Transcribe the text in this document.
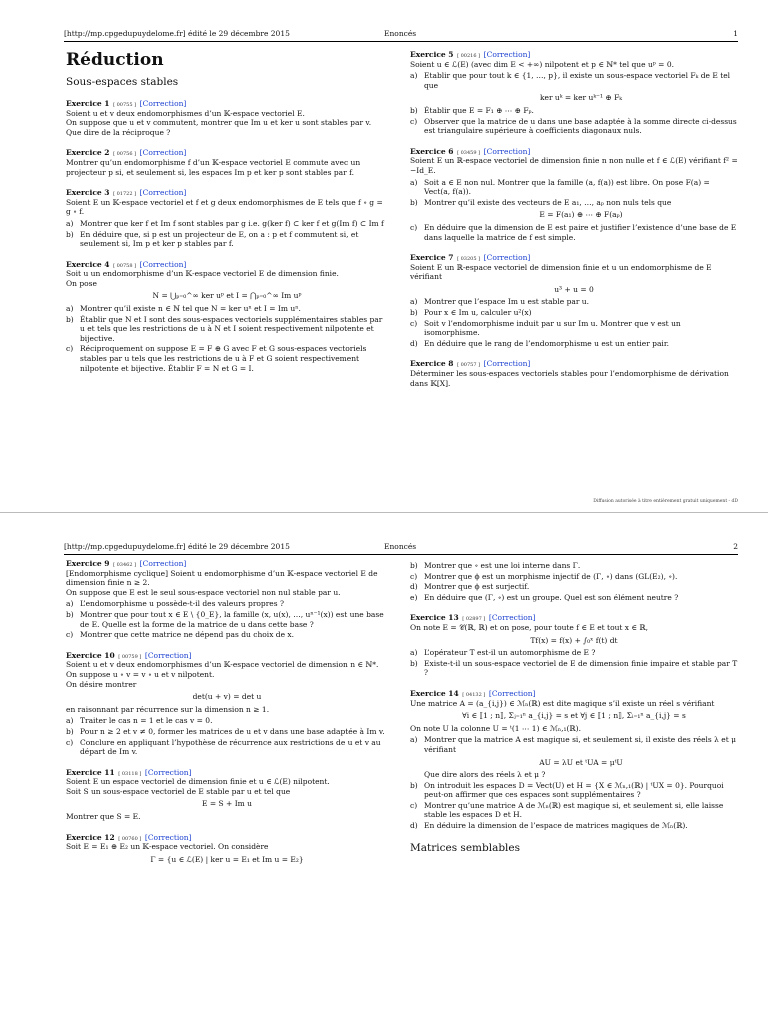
[http://mp.cpgedupuydelome.fr] édité le 29 décembre 2015	Enoncés	1
Réduction
Sous-espaces stables
Exercice 1 [ 00755 ] [Correction]

Soient u et v deux endomorphismes d’un 𝕂-espace vectoriel E.

On suppose que u et v commutent, montrer que Im u et ker u sont stables par v.

Que dire de la réciproque ?

Exercice 2 [ 00756 ] [Correction]

Montrer qu’un endomorphisme f d’un 𝕂-espace vectoriel E commute avec un projecteur p si, et seulement si, les espaces Im p et ker p sont stables par f.

Exercice 3 [ 01722 ] [Correction]

Soient E un 𝕂-espace vectoriel et f et g deux endomorphismes de E tels que f ∘ g = g ∘ f.

a) Montrer que ker f et Im f sont stables par g i.e. g(ker f) ⊂ ker f et g(Im f) ⊂ Im f
b) En déduire que, si p est un projecteur de E, on a : p et f commutent si, et seulement si, Im p et ker p stables par f.
Exercice 4 [ 00758 ] [Correction]

Soit u un endomorphisme d’un 𝕂-espace vectoriel E de dimension finie.

On pose

N = ⋃ₚ₌₀^∞ ker uᵖ et I = ⋂ₚ₌₀^∞ Im uᵖ
a) Montrer qu’il existe n ∈ ℕ tel que N = ker uⁿ et I = Im uⁿ.
b) Établir que N et I sont des sous-espaces vectoriels supplémentaires stables par u et tels que les restrictions de u à N et I soient respectivement nilpotente et bijective.
c) Réciproquement on suppose E = F ⊕ G avec F et G sous-espaces vectoriels stables par u tels que les restrictions de u à F et G soient respectivement nilpotente et bijective. Établir F = N et G = I.
Exercice 5 [ 00216 ] [Correction]

Soient u ∈ ℒ(E) (avec dim E < +∞) nilpotent et p ∈ ℕ* tel que uᵖ = 0.

a) Etablir que pour tout k ∈ {1, …, p}, il existe un sous-espace vectoriel Fₖ de E tel que
ker uᵏ = ker uᵏ⁻¹ ⊕ Fₖ
b) Établir que E = F₁ ⊕ ⋯ ⊕ Fₚ.
c) Observer que la matrice de u dans une base adaptée à la somme directe ci-dessus est triangulaire supérieure à coefficients diagonaux nuls.
Exercice 6 [ 03459 ] [Correction]

Soient E un ℝ-espace vectoriel de dimension finie n non nulle et f ∈ ℒ(E) vérifiant f² = −Id_E.

a) Soit a ∈ E non nul. Montrer que la famille (a, f(a)) est libre. On pose F(a) = Vect(a, f(a)).
b) Montrer qu’il existe des vecteurs de E a₁, …, aₚ non nuls tels que
E = F(a₁) ⊕ ⋯ ⊕ F(aₚ)
c) En déduire que la dimension de E est paire et justifier l’existence d’une base de E dans laquelle la matrice de f est simple.
Exercice 7 [ 03205 ] [Correction]

Soient E un ℝ-espace vectoriel de dimension finie et u un endomorphisme de E vérifiant

u³ + u = 0
a) Montrer que l’espace Im u est stable par u.
b) Pour x ∈ Im u, calculer u²(x)
c) Soit v l’endomorphisme induit par u sur Im u. Montrer que v est un isomorphisme.
d) En déduire que le rang de l’endomorphisme u est un entier pair.
Exercice 8 [ 00757 ] [Correction]

Déterminer les sous-espaces vectoriels stables pour l’endomorphisme de dérivation dans 𝕂[X].

Diffusion autorisée à titre entièrement gratuit uniquement - dD
[http://mp.cpgedupuydelome.fr] édité le 29 décembre 2015	Enoncés	2
Exercice 9 [ 03462 ] [Correction]

[Endomorphisme cyclique] Soient u endomorphisme d’un 𝕂-espace vectoriel E de dimension finie n ≥ 2.

On suppose que E est le seul sous-espace vectoriel non nul stable par u.

a) L’endomorphisme u possède-t-il des valeurs propres ?
b) Montrer que pour tout x ∈ E \ {0_E}, la famille (x, u(x), …, uⁿ⁻¹(x)) est une base de E. Quelle est la forme de la matrice de u dans cette base ?
c) Montrer que cette matrice ne dépend pas du choix de x.
Exercice 10 [ 00759 ] [Correction]

Soient u et v deux endomorphismes d’un 𝕂-espace vectoriel de dimension n ∈ ℕ*.

On suppose u ∘ v = v ∘ u et v nilpotent.

On désire montrer

det(u + v) = det u
en raisonnant par récurrence sur la dimension n ≥ 1.
a) Traiter le cas n = 1 et le cas v = 0.
b) Pour n ≥ 2 et v ≠ 0, former les matrices de u et v dans une base adaptée à Im v.
c) Conclure en appliquant l’hypothèse de récurrence aux restrictions de u et v au départ de Im v.
Exercice 11 [ 03118 ] [Correction]

Soient E un espace vectoriel de dimension finie et u ∈ ℒ(E) nilpotent.

Soit S un sous-espace vectoriel de E stable par u et tel que

E = S + Im u
Montrer que S = E.
Exercice 12 [ 00760 ] [Correction]

Soit E = E₁ ⊕ E₂ un 𝕂-espace vectoriel. On considère

Γ = {u ∈ ℒ(E) | ker u = E₁ et Im u = E₂}
b) Montrer que ∘ est une loi interne dans Γ.
c) Montrer que ϕ est un morphisme injectif de (Γ, ∘) dans (GL(E₂), ∘).
d) Montrer que ϕ est surjectif.
e) En déduire que (Γ, ∘) est un groupe. Quel est son élément neutre ?
Exercice 13 [ 02897 ] [Correction]

On note E = 𝒞(ℝ, ℝ) et on pose, pour toute f ∈ E et tout x ∈ ℝ,

Tf(x) = f(x) + ∫₀ˣ f(t) dt
a) L’opérateur T est-il un automorphisme de E ?
b) Existe-t-il un sous-espace vectoriel de E de dimension finie impaire et stable par T ?
Exercice 14 [ 04132 ] [Correction]

Une matrice A = (a_{i,j}) ∈ ℳₙ(ℝ) est dite magique s’il existe un réel s vérifiant

∀i ∈ ⟦1 ; n⟧, Σⱼ₌₁ⁿ a_{i,j} = s et ∀j ∈ ⟦1 ; n⟧, Σᵢ₌₁ⁿ a_{i,j} = s
On note U la colonne U = ᵗ(1 ⋯ 1) ∈ ℳₙ,₁(ℝ).
a) Montrer que la matrice A est magique si, et seulement si, il existe des réels λ et μ vérifiant
AU = λU et ᵗUA = μᵗU
Que dire alors des réels λ et μ ?
b) On introduit les espaces D = Vect(U) et H = {X ∈ ℳₙ,₁(ℝ) | ᵗUX = 0}. Pourquoi peut-on affirmer que ces espaces sont supplémentaires ?
c) Montrer qu’une matrice A de ℳₙ(ℝ) est magique si, et seulement si, elle laisse stable les espaces D et H.
d) En déduire la dimension de l’espace de matrices magiques de ℳₙ(ℝ).
Matrices semblables
